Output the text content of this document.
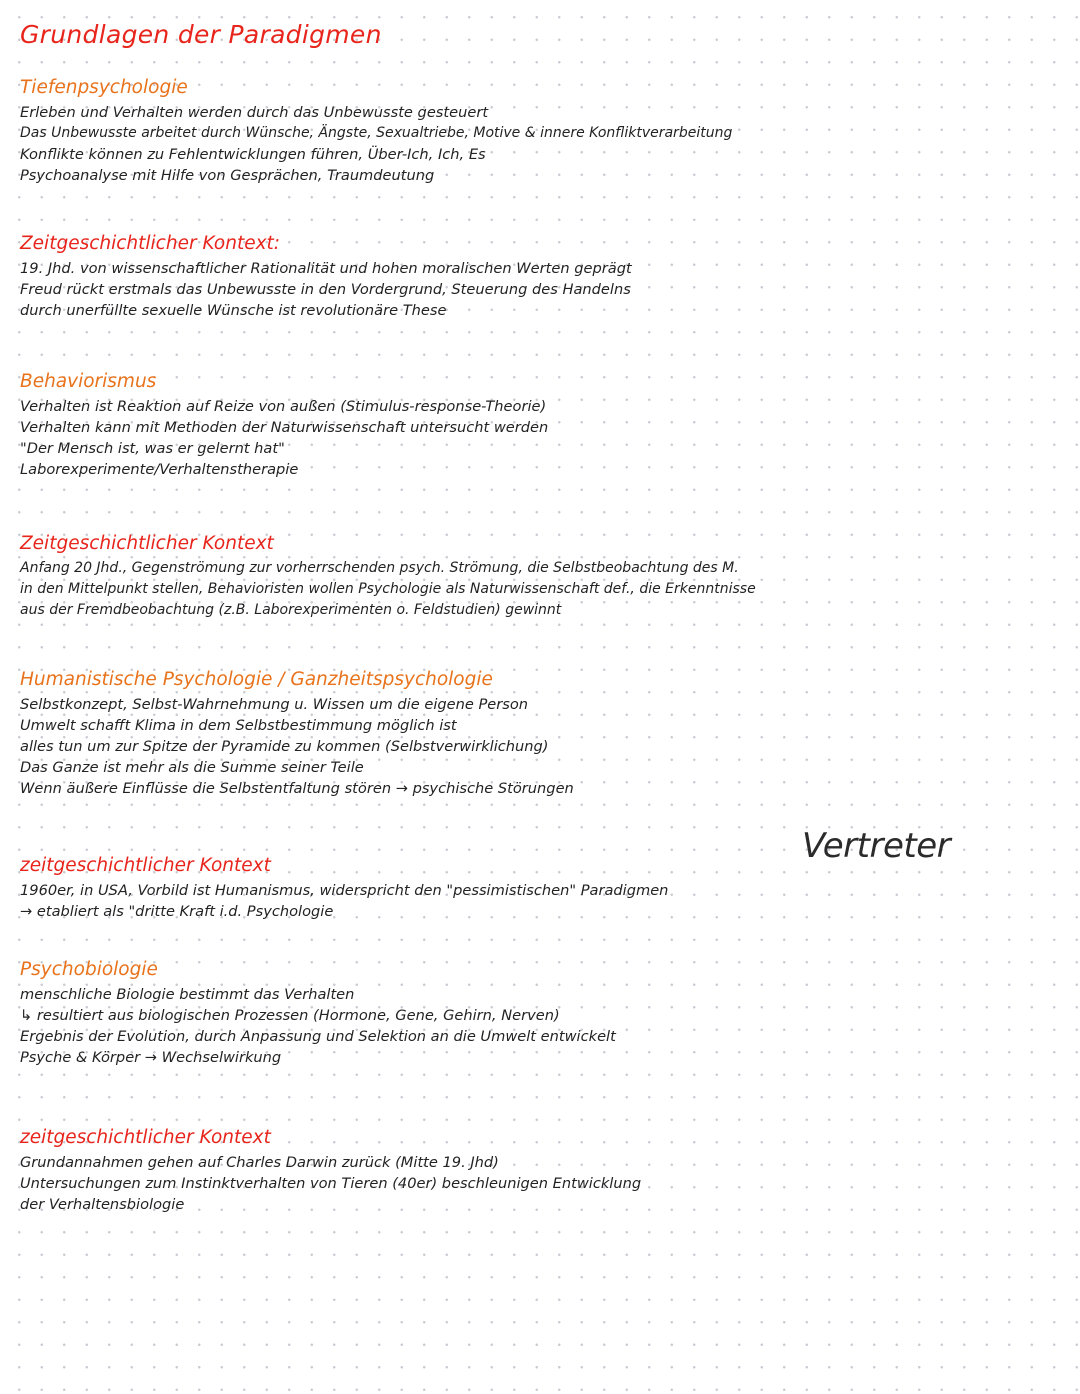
Grundlagen der Paradigmen
Tiefenpsychologie
Erleben und Verhalten werden durch das Unbewusste gesteuert
Das Unbewusste arbeitet durch Wünsche, Ängste, Sexualtriebe, Motive & innere Konfliktverarbeitung
Konflikte können zu Fehlentwicklungen führen, Über-Ich, Ich, Es
Psychoanalyse mit Hilfe von Gesprächen, Traumdeutung
Zeitgeschichtlicher Kontext:
19. Jhd. von wissenschaftlicher Rationalität und hohen moralischen Werten geprägt
Freud rückt erstmals das Unbewusste in den Vordergrund, Steuerung des Handelns
durch unerfüllte sexuelle Wünsche ist revolutionäre These
Behaviorismus
Verhalten ist Reaktion auf Reize von außen (Stimulus-response-Theorie)
Verhalten kann mit Methoden der Naturwissenschaft untersucht werden
"Der Mensch ist, was er gelernt hat"
Laborexperimente/Verhaltenstherapie
Zeitgeschichtlicher Kontext
Anfang 20 Jhd., Gegenströmung zur vorherrschenden psych. Strömung, die Selbstbeobachtung des M.
in den Mittelpunkt stellen, Behavioristen wollen Psychologie als Naturwissenschaft def., die Erkenntnisse
aus der Fremdbeobachtung (z.B. Laborexperimenten o. Feldstudien) gewinnt
Humanistische Psychologie / Ganzheitspsychologie
Selbstkonzept, Selbst-Wahrnehmung u. Wissen um die eigene Person
Umwelt schafft Klima in dem Selbstbestimmung möglich ist
alles tun um zur Spitze der Pyramide zu kommen (Selbstverwirklichung)
Das Ganze ist mehr als die Summe seiner Teile
Wenn äußere Einflüsse die Selbstentfaltung stören → psychische Störungen
zeitgeschichtlicher Kontext
1960er, in USA, Vorbild ist Humanismus, widerspricht den "pessimistischen" Paradigmen
→ etabliert als "dritte Kraft i.d. Psychologie
Psychobiologie
menschliche Biologie bestimmt das Verhalten
↳ resultiert aus biologischen Prozessen (Hormone, Gene, Gehirn, Nerven)
Ergebnis der Evolution, durch Anpassung und Selektion an die Umwelt entwickelt
Psyche & Körper → Wechselwirkung
zeitgeschichtlicher Kontext
Grundannahmen gehen auf Charles Darwin zurück (Mitte 19. Jhd)
Untersuchungen zum Instinktverhalten von Tieren (40er) beschleunigen Entwicklung
der Verhaltensbiologie
Vertreter
